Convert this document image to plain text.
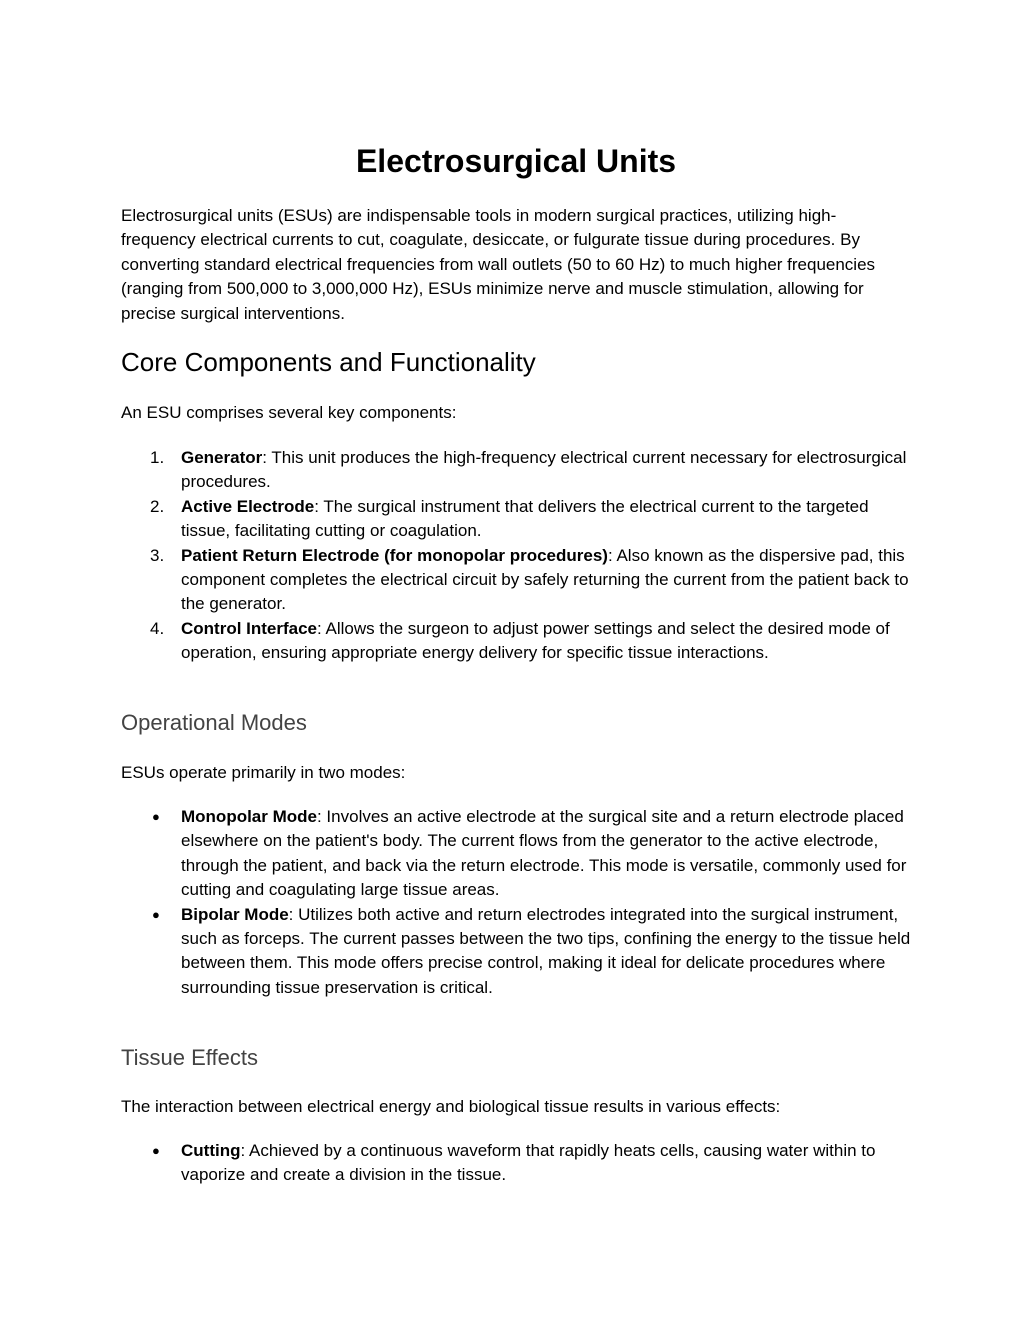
Electrosurgical Units

Electrosurgical units (ESUs) are indispensable tools in modern surgical practices, utilizing high-frequency electrical currents to cut, coagulate, desiccate, or fulgurate tissue during procedures. By converting standard electrical frequencies from wall outlets (50 to 60 Hz) to much higher frequencies (ranging from 500,000 to 3,000,000 Hz), ESUs minimize nerve and muscle stimulation, allowing for precise surgical interventions.

Core Components and Functionality

An ESU comprises several key components:

1. Generator: This unit produces the high-frequency electrical current necessary for electrosurgical procedures.
2. Active Electrode: The surgical instrument that delivers the electrical current to the targeted tissue, facilitating cutting or coagulation.
3. Patient Return Electrode (for monopolar procedures): Also known as the dispersive pad, this component completes the electrical circuit by safely returning the current from the patient back to the generator.
4. Control Interface: Allows the surgeon to adjust power settings and select the desired mode of operation, ensuring appropriate energy delivery for specific tissue interactions.
Operational Modes

ESUs operate primarily in two modes:

●	Monopolar Mode: Involves an active electrode at the surgical site and a return electrode placed elsewhere on the patient's body. The current flows from the generator to the active electrode, through the patient, and back via the return electrode. This mode is versatile, commonly used for cutting and coagulating large tissue areas.
●	Bipolar Mode: Utilizes both active and return electrodes integrated into the surgical instrument, such as forceps. The current passes between the two tips, confining the energy to the tissue held between them. This mode offers precise control, making it ideal for delicate procedures where surrounding tissue preservation is critical.
Tissue Effects

The interaction between electrical energy and biological tissue results in various effects:

●	Cutting: Achieved by a continuous waveform that rapidly heats cells, causing water within to vaporize and create a division in the tissue.
